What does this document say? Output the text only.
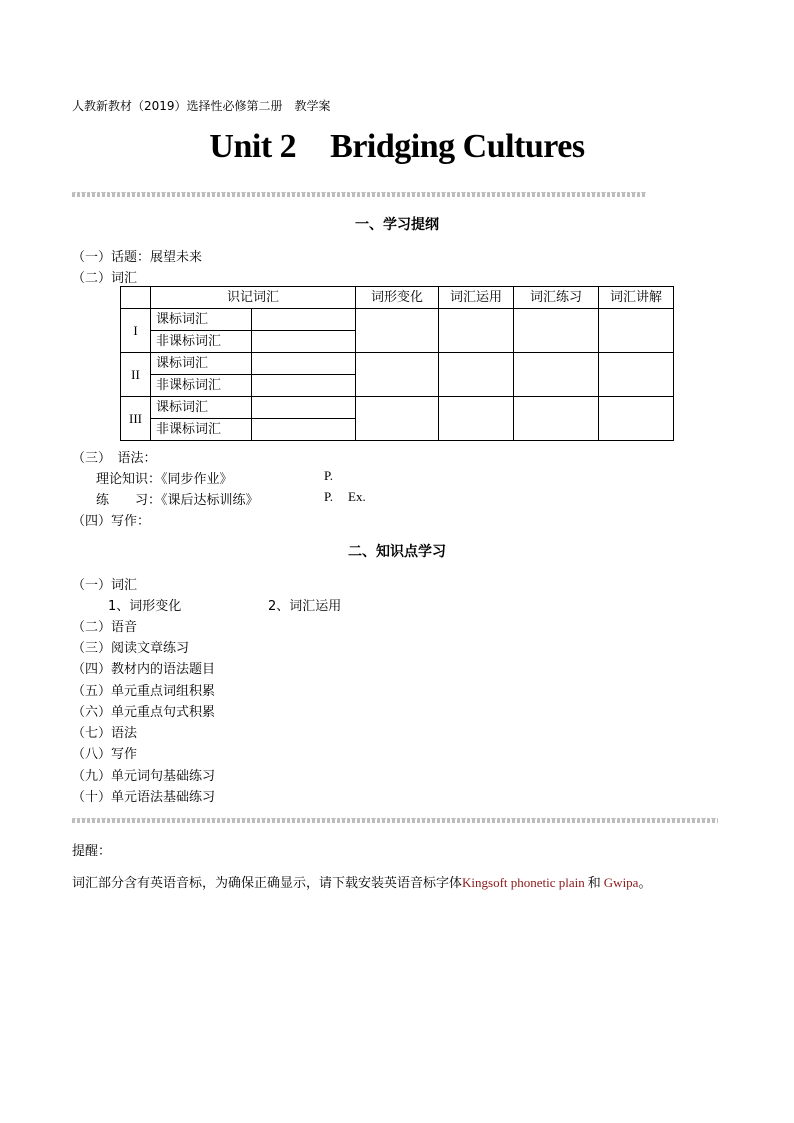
人教新教材（2019）选择性必修第二册　教学案
Unit 2 Bridging Cultures
一、学习提纲
（一）话题：展望未来
（二）词汇
	识记词汇		词形变化	词汇运用	词汇练习	词汇讲解
I	课标词汇					
	非课标词汇					
II	课标词汇					
	非课标词汇					
III	课标词汇					
	非课标词汇					
（三）　语法：
理论知识：《同步作业》	P.
练　　习：《课后达标训练》	P. Ex.
（四）写作：
二、知识点学习
（一）词汇
1、词形变化	2、词汇运用
（二）语音
（三）阅读文章练习
（四）教材内的语法题目
（五）单元重点词组积累
（六）单元重点句式积累
（七）语法
（八）写作
（九）单元词句基础练习
（十）单元语法基础练习
提醒：
词汇部分含有英语音标，为确保正确显示，请下载安装英语音标字体Kingsoft phonetic plain 和 Gwipa。
